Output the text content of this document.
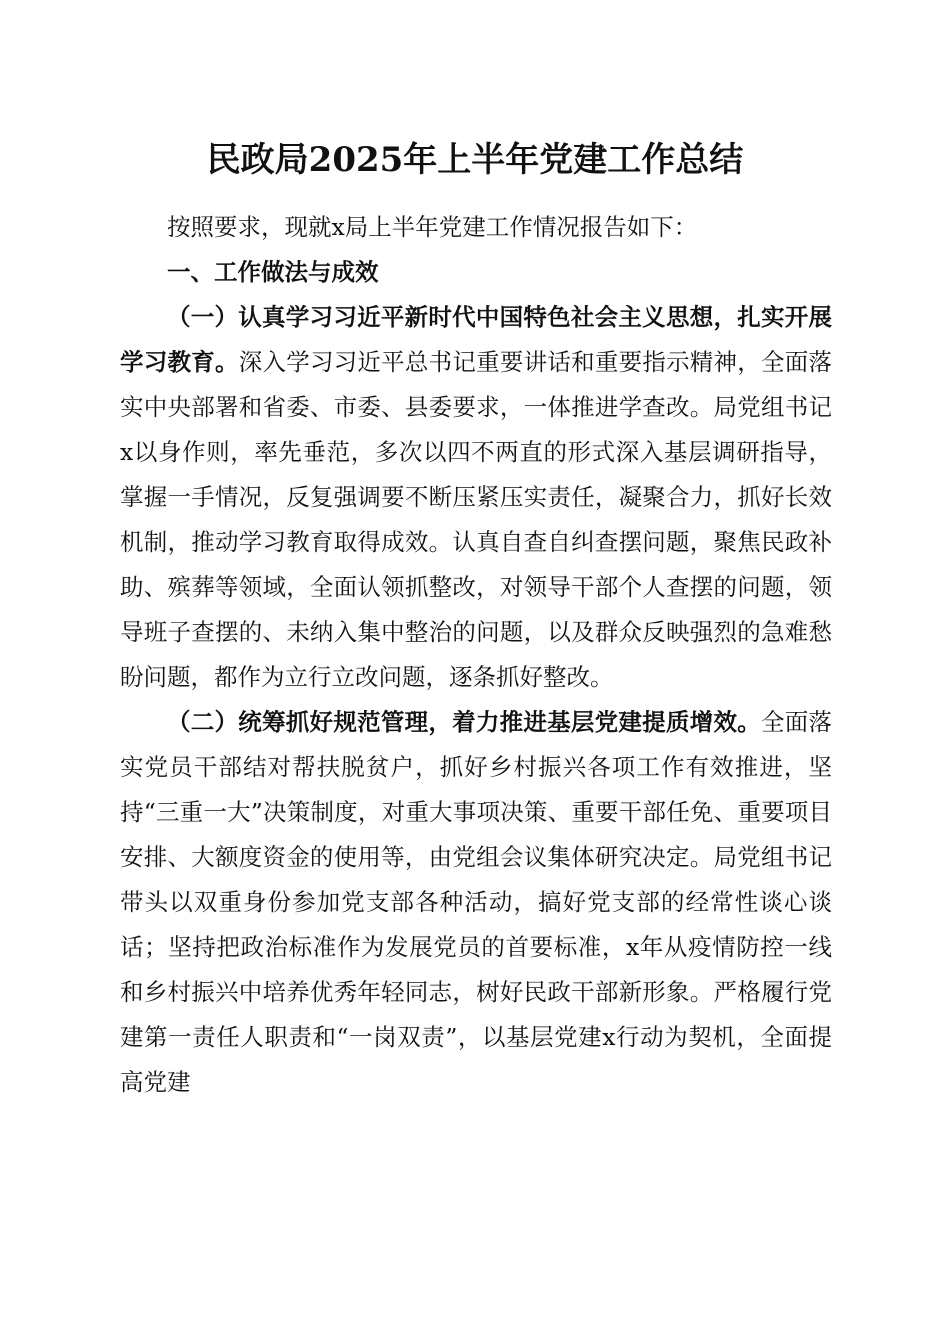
民政局2025年上半年党建工作总结

按照要求，现就x局上半年党建工作情况报告如下：

一、工作做法与成效

（一）认真学习习近平新时代中国特色社会主义思想，扎实开展学习教育。深入学习习近平总书记重要讲话和重要指示精神，全面落实中央部署和省委、市委、县委要求，一体推进学查改。局党组书记x以身作则，率先垂范，多次以四不两直的形式深入基层调研指导，掌握一手情况，反复强调要不断压紧压实责任，凝聚合力，抓好长效机制，推动学习教育取得成效。认真自查自纠查摆问题，聚焦民政补助、殡葬等领域，全面认领抓整改，对领导干部个人查摆的问题，领导班子查摆的、未纳入集中整治的问题，以及群众反映强烈的急难愁盼问题，都作为立行立改问题，逐条抓好整改。

（二）统筹抓好规范管理，着力推进基层党建提质增效。全面落实党员干部结对帮扶脱贫户，抓好乡村振兴各项工作有效推进，坚持“三重一大”决策制度，对重大事项决策、重要干部任免、重要项目安排、大额度资金的使用等，由党组会议集体研究决定。局党组书记带头以双重身份参加党支部各种活动，搞好党支部的经常性谈心谈话；坚持把政治标准作为发展党员的首要标准，x年从疫情防控一线和乡村振兴中培养优秀年轻同志，树好民政干部新形象。严格履行党建第一责任人职责和“一岗双责”，以基层党建x行动为契机，全面提高党建
